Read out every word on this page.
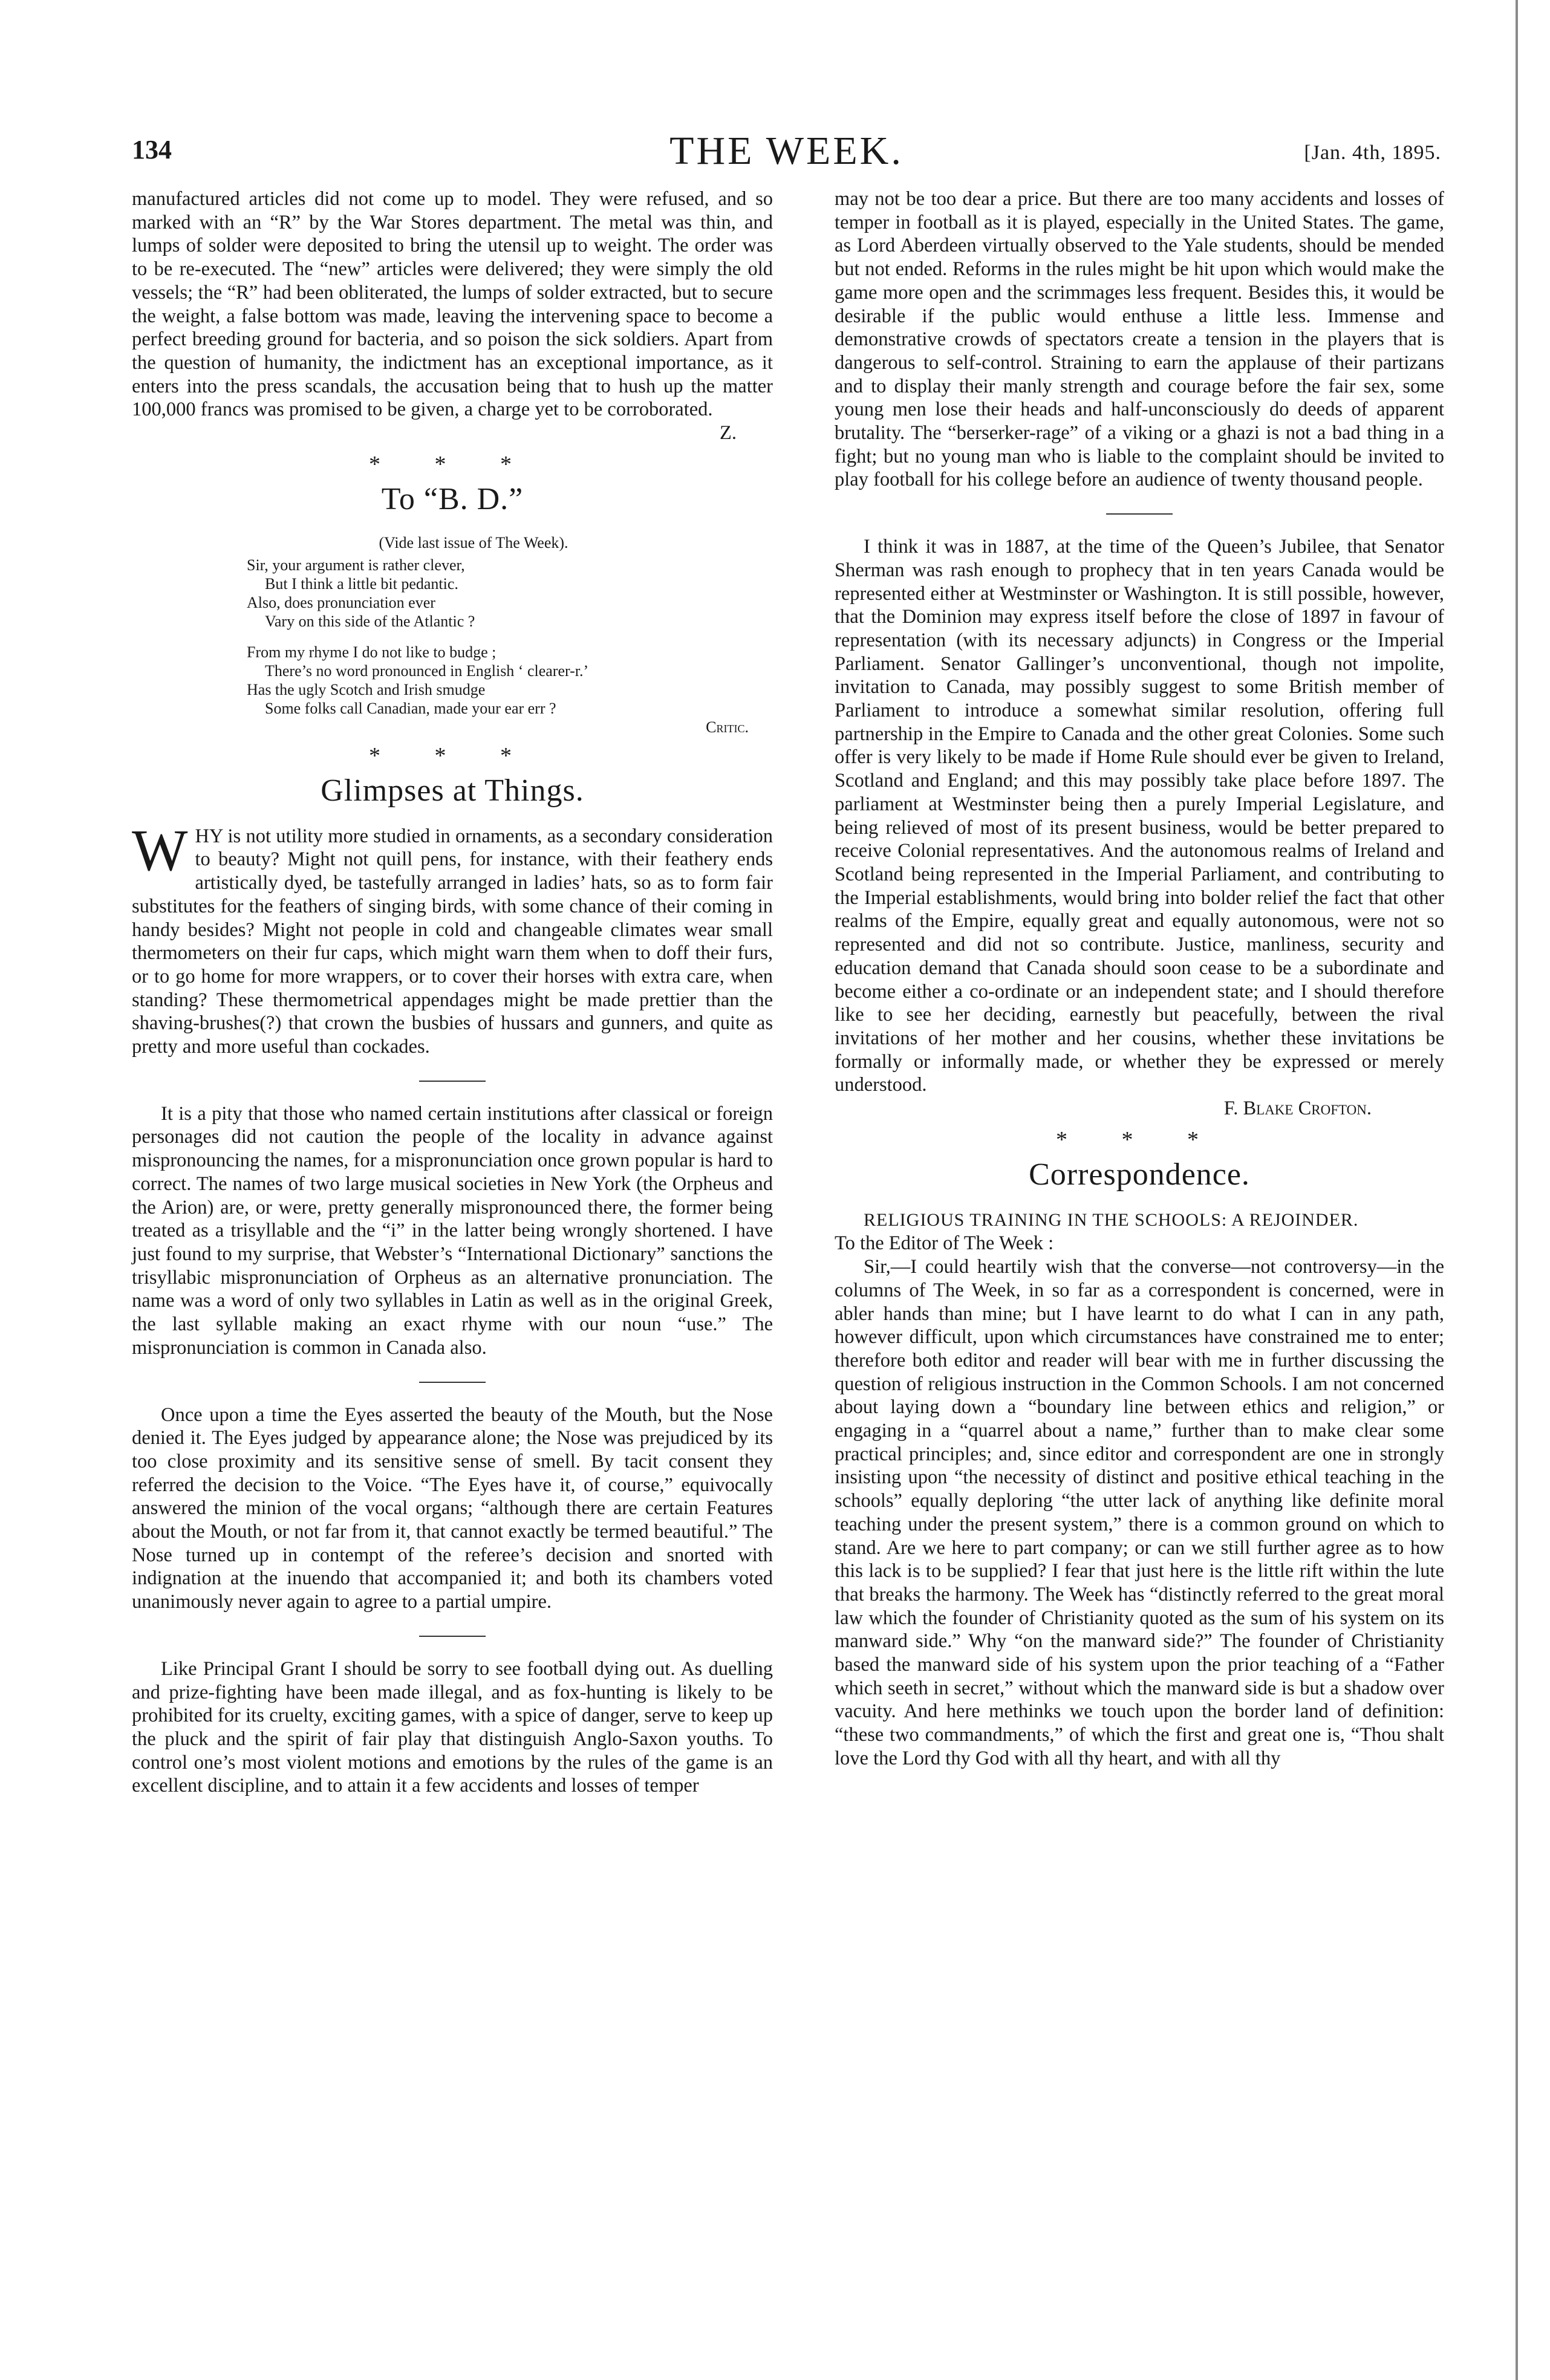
134	THE WEEK.	[Jan. 4th, 1895.

manufactured articles did not come up to model. They were refused, and so marked with an “R” by the War Stores department. The metal was thin, and lumps of solder were deposited to bring the utensil up to weight. The order was to be re-executed. The “new” articles were delivered; they were simply the old vessels; the “R” had been obliterated, the lumps of solder extracted, but to secure the weight, a false bottom was made, leaving the intervening space to become a perfect breeding ground for bacteria, and so poison the sick soldiers. Apart from the question of humanity, the indictment has an exceptional importance, as it enters into the press scandals, the accusation being that to hush up the matter 100,000 francs was promised to be given, a charge yet to be corroborated.

Z.

* * *
To “B. D.”
(Vide last issue of The Week).
Sir, your argument is rather clever,
But I think a little bit pedantic.
Also, does pronunciation ever
Vary on this side of the Atlantic ?
From my rhyme I do not like to budge ;
There’s no word pronounced in English ‘ clearer-r.’
Has the ugly Scotch and Irish smudge
Some folks call Canadian, made your ear err ?
Critic.
* * *
Glimpses at Things.

WHY is not utility more studied in ornaments, as a secondary consideration to beauty? Might not quill pens, for instance, with their feathery ends artistically dyed, be tastefully arranged in ladies’ hats, so as to form fair substitutes for the feathers of singing birds, with some chance of their coming in handy besides? Might not people in cold and changeable climates wear small thermometers on their fur caps, which might warn them when to doff their furs, or to go home for more wrappers, or to cover their horses with extra care, when standing? These thermometrical appendages might be made prettier than the shaving-brushes(?) that crown the busbies of hussars and gunners, and quite as pretty and more useful than cockades.

It is a pity that those who named certain institutions after classical or foreign personages did not caution the people of the locality in advance against mispronouncing the names, for a mispronunciation once grown popular is hard to correct. The names of two large musical societies in New York (the Orpheus and the Arion) are, or were, pretty generally mispronounced there, the former being treated as a trisyllable and the “i” in the latter being wrongly shortened. I have just found to my surprise, that Webster’s “International Dictionary” sanctions the trisyllabic mispronunciation of Orpheus as an alternative pronunciation. The name was a word of only two syllables in Latin as well as in the original Greek, the last syllable making an exact rhyme with our noun “use.” The mispronunciation is common in Canada also.

Once upon a time the Eyes asserted the beauty of the Mouth, but the Nose denied it. The Eyes judged by appearance alone; the Nose was prejudiced by its too close proximity and its sensitive sense of smell. By tacit consent they referred the decision to the Voice. “The Eyes have it, of course,” equivocally answered the minion of the vocal organs; “although there are certain Features about the Mouth, or not far from it, that cannot exactly be termed beautiful.” The Nose turned up in contempt of the referee’s decision and snorted with indignation at the inuendo that accompanied it; and both its chambers voted unanimously never again to agree to a partial umpire.

Like Principal Grant I should be sorry to see football dying out. As duelling and prize-fighting have been made illegal, and as fox-hunting is likely to be prohibited for its cruelty, exciting games, with a spice of danger, serve to keep up the pluck and the spirit of fair play that distinguish Anglo-Saxon youths. To control one’s most violent motions and emotions by the rules of the game is an excellent discipline, and to attain it a few accidents and losses of temper

may not be too dear a price. But there are too many accidents and losses of temper in football as it is played, especially in the United States. The game, as Lord Aberdeen virtually observed to the Yale students, should be mended but not ended. Reforms in the rules might be hit upon which would make the game more open and the scrimmages less frequent. Besides this, it would be desirable if the public would enthuse a little less. Immense and demonstrative crowds of spectators create a tension in the players that is dangerous to self-control. Straining to earn the applause of their partizans and to display their manly strength and courage before the fair sex, some young men lose their heads and half-unconsciously do deeds of apparent brutality. The “berserker-rage” of a viking or a ghazi is not a bad thing in a fight; but no young man who is liable to the complaint should be invited to play football for his college before an audience of twenty thousand people.

I think it was in 1887, at the time of the Queen’s Jubilee, that Senator Sherman was rash enough to prophecy that in ten years Canada would be represented either at Westminster or Washington. It is still possible, however, that the Dominion may express itself before the close of 1897 in favour of representation (with its necessary adjuncts) in Congress or the Imperial Parliament. Senator Gallinger’s unconventional, though not impolite, invitation to Canada, may possibly suggest to some British member of Parliament to introduce a somewhat similar resolution, offering full partnership in the Empire to Canada and the other great Colonies. Some such offer is very likely to be made if Home Rule should ever be given to Ireland, Scotland and England; and this may possibly take place before 1897. The parliament at Westminster being then a purely Imperial Legislature, and being relieved of most of its present business, would be better prepared to receive Colonial representatives. And the autonomous realms of Ireland and Scotland being represented in the Imperial Parliament, and contributing to the Imperial establishments, would bring into bolder relief the fact that other realms of the Empire, equally great and equally autonomous, were not so represented and did not so contribute. Justice, manliness, security and education demand that Canada should soon cease to be a subordinate and become either a co-ordinate or an independent state; and I should therefore like to see her deciding, earnestly but peacefully, between the rival invitations of her mother and her cousins, whether these invitations be formally or informally made, or whether they be expressed or merely understood.

F. Blake Crofton.

* * *
Correspondence.

RELIGIOUS TRAINING IN THE SCHOOLS: A REJOINDER.

To the Editor of The Week :

Sir,—I could heartily wish that the converse—not controversy—in the columns of The Week, in so far as a correspondent is concerned, were in abler hands than mine; but I have learnt to do what I can in any path, however difficult, upon which circumstances have constrained me to enter; therefore both editor and reader will bear with me in further discussing the question of religious instruction in the Common Schools. I am not concerned about laying down a “boundary line between ethics and religion,” or engaging in a “quarrel about a name,” further than to make clear some practical principles; and, since editor and correspondent are one in strongly insisting upon “the necessity of distinct and positive ethical teaching in the schools” equally deploring “the utter lack of anything like definite moral teaching under the present system,” there is a common ground on which to stand. Are we here to part company; or can we still further agree as to how this lack is to be supplied? I fear that just here is the little rift within the lute that breaks the harmony. The Week has “distinctly referred to the great moral law which the founder of Christianity quoted as the sum of his system on its manward side.” Why “on the manward side?” The founder of Christianity based the manward side of his system upon the prior teaching of a “Father which seeth in secret,” without which the manward side is but a shadow over vacuity. And here methinks we touch upon the border land of definition: “these two commandments,” of which the first and great one is, “Thou shalt love the Lord thy God with all thy heart, and with all thy
